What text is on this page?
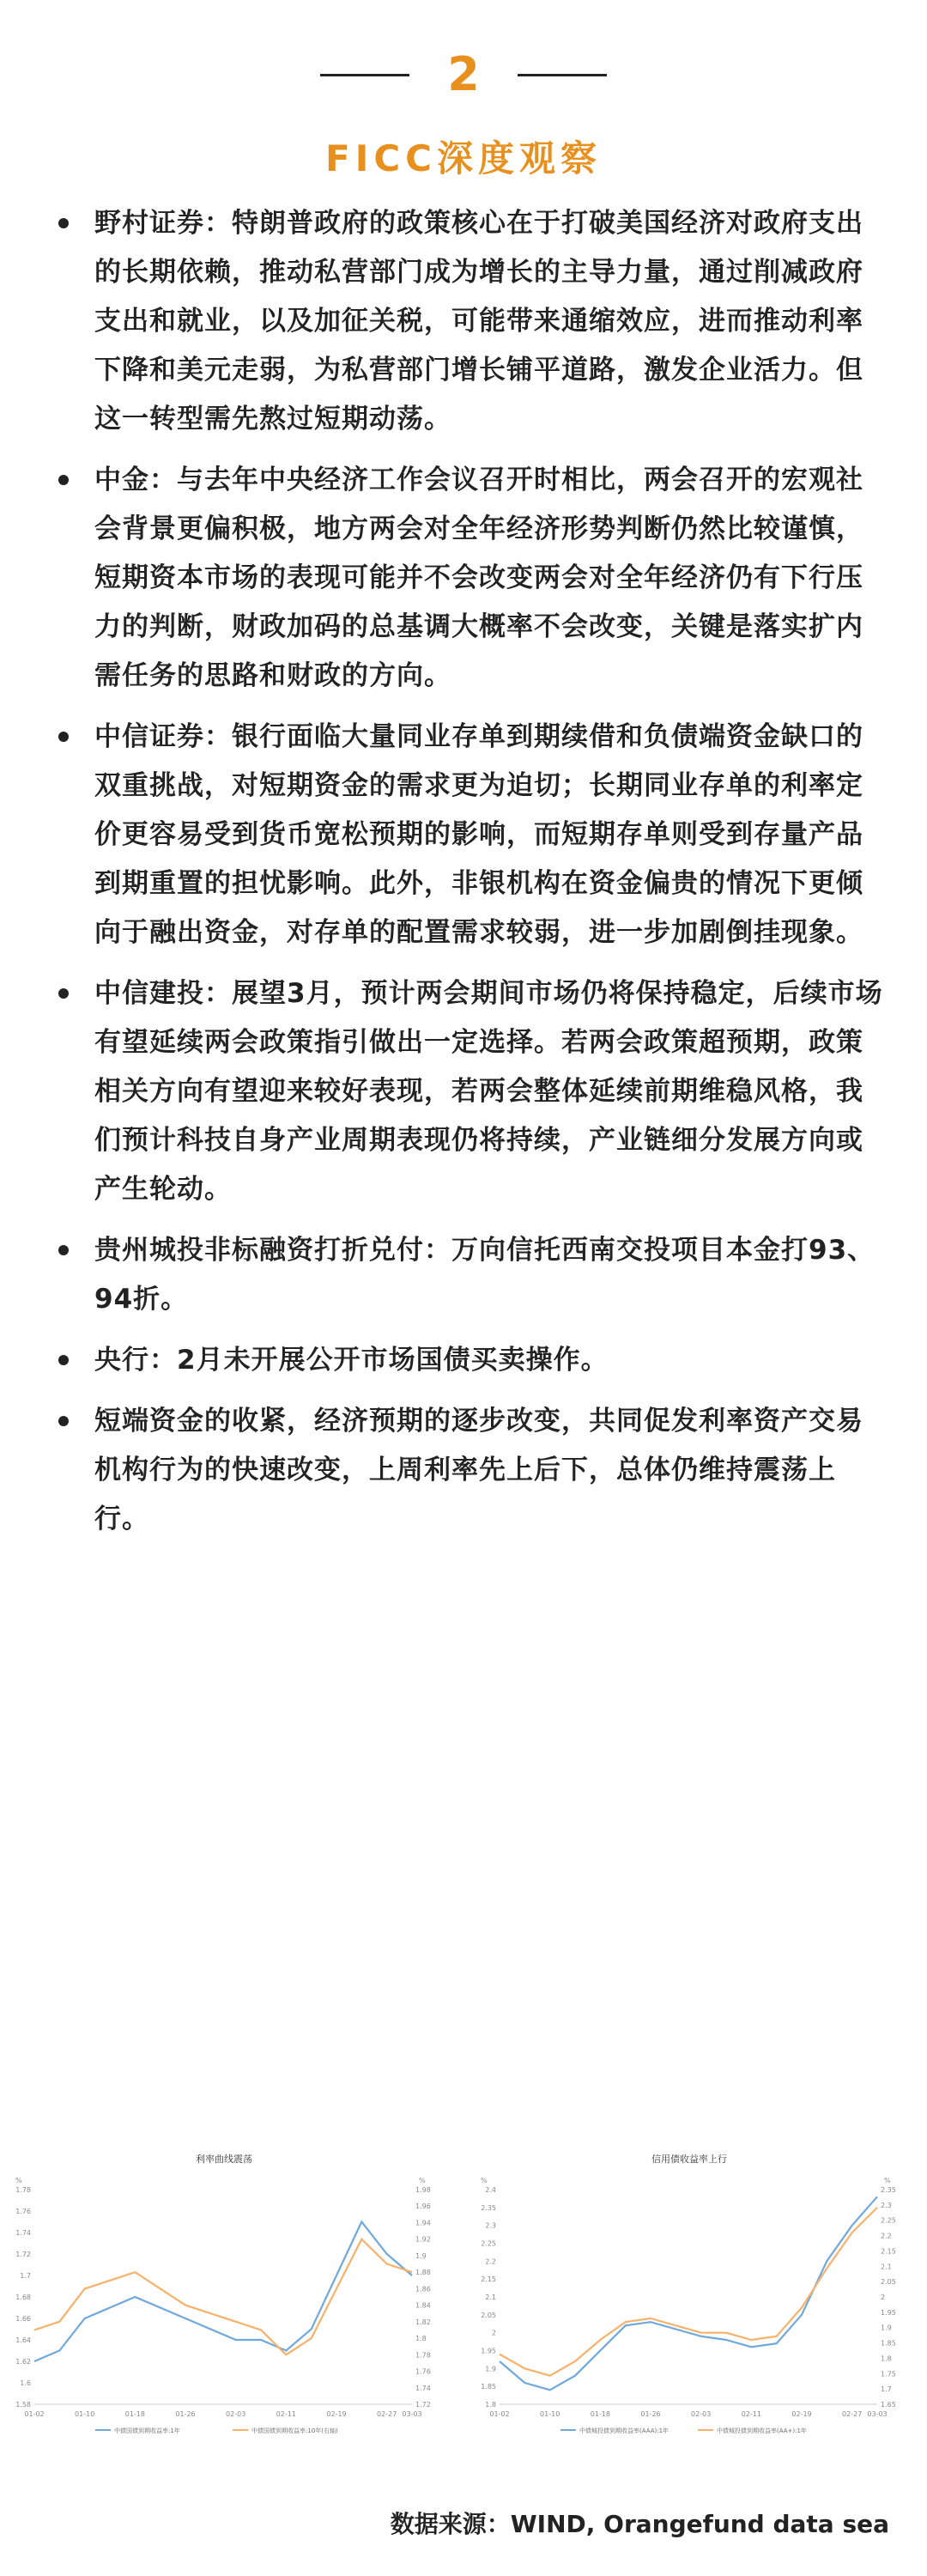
2
FICC深度观察
野村证券：特朗普政府的政策核心在于打破美国经济对政府支出的长期依赖，推动私营部门成为增长的主导力量，通过削减政府支出和就业，以及加征关税，可能带来通缩效应，进而推动利率下降和美元走弱，为私营部门增长铺平道路，激发企业活力。但这一转型需先熬过短期动荡。
中金：与去年中央经济工作会议召开时相比，两会召开的宏观社会背景更偏积极，地方两会对全年经济形势判断仍然比较谨慎，短期资本市场的表现可能并不会改变两会对全年经济仍有下行压力的判断，财政加码的总基调大概率不会改变，关键是落实扩内需任务的思路和财政的方向。
中信证券：银行面临大量同业存单到期续借和负债端资金缺口的双重挑战，对短期资金的需求更为迫切；长期同业存单的利率定价更容易受到货币宽松预期的影响，而短期存单则受到存量产品到期重置的担忧影响。此外，非银机构在资金偏贵的情况下更倾向于融出资金，对存单的配置需求较弱，进一步加剧倒挂现象。
中信建投：展望3月，预计两会期间市场仍将保持稳定，后续市场有望延续两会政策指引做出一定选择。若两会政策超预期，政策相关方向有望迎来较好表现，若两会整体延续前期维稳风格，我们预计科技自身产业周期表现仍将持续，产业链细分发展方向或产生轮动。
贵州城投非标融资打折兑付：万向信托西南交投项目本金打93、94折。
央行：2月未开展公开市场国债买卖操作。
短端资金的收紧，经济预期的逐步改变，共同促发利率资产交易机构行为的快速改变，上周利率先上后下，总体仍维持震荡上行。
利率曲线震荡
%	%
1.78
1.76
1.74
1.72
1.7
1.68
1.66
1.64
1.62
1.6
1.58
1.98
1.96
1.94
1.92
1.9
1.88
1.86
1.84
1.82
1.8
1.78
1.76
1.74
1.72
01-02	01-10	01-18	01-26	02-03	02-11	02-19	02-27 03-03
中债国债到期收益率:1年	中债国债到期收益率:10年(右轴)
信用债收益率上行
%	%
2.4
2.35
2.3
2.25
2.2
2.15
2.1
2.05
2
1.95
1.9
1.85
1.8
2.35
2.3
2.25
2.2
2.15
2.1
2.05
2
1.95
1.9
1.85
1.8
1.75
1.7
1.65
01-02	01-10	01-18	01-26	02-03	02-11	02-19	02-27 03-03
中债城投债到期收益率(AAA):1年	中债城投债到期收益率(AA+):1年
数据来源：WIND, Orangefund data sea
